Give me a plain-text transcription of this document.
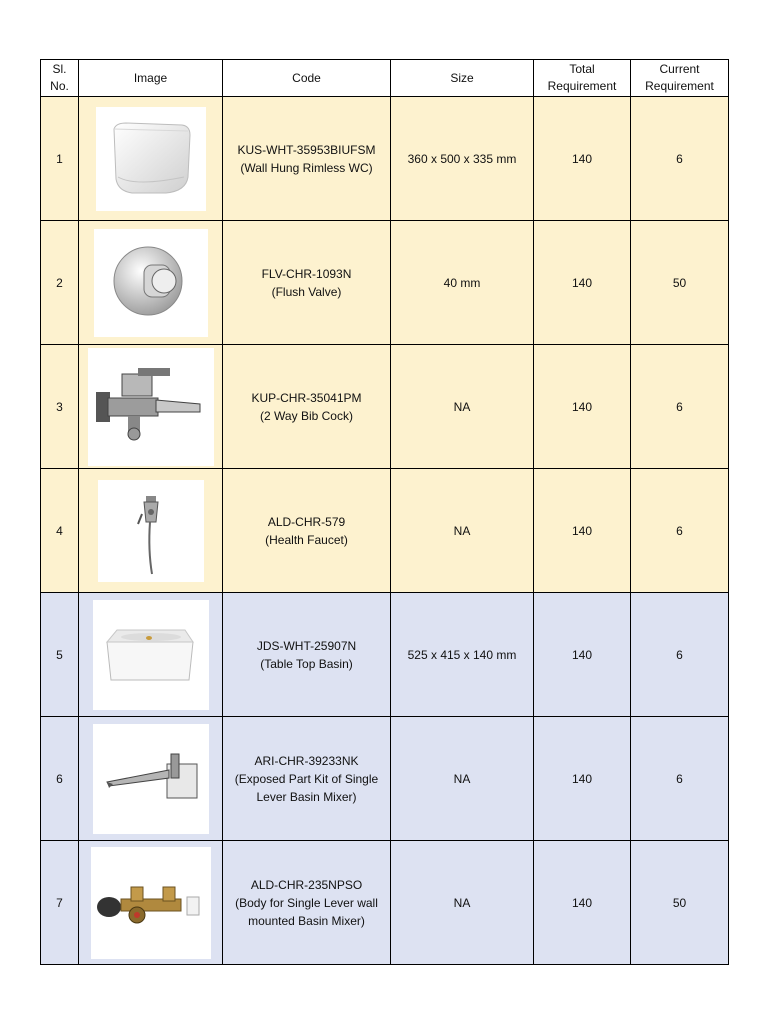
Sl. No.	Image	Code	Size	Total Requirement	Current Requirement
1		KUS-WHT-35953BIUFSM
(Wall Hung Rimless WC)	360 x 500 x 335 mm	140	6
2		FLV-CHR-1093N
(Flush Valve)	40 mm	140	50
3		KUP-CHR-35041PM
(2 Way Bib Cock)	NA	140	6
4		ALD-CHR-579
(Health Faucet)	NA	140	6
5		JDS-WHT-25907N
(Table Top Basin)	525 x 415 x 140 mm	140	6
6		ARI-CHR-39233NK
(Exposed Part Kit of Single Lever Basin Mixer)	NA	140	6
7		ALD-CHR-235NPSO
(Body for Single Lever wall mounted Basin Mixer)	NA	140	50
